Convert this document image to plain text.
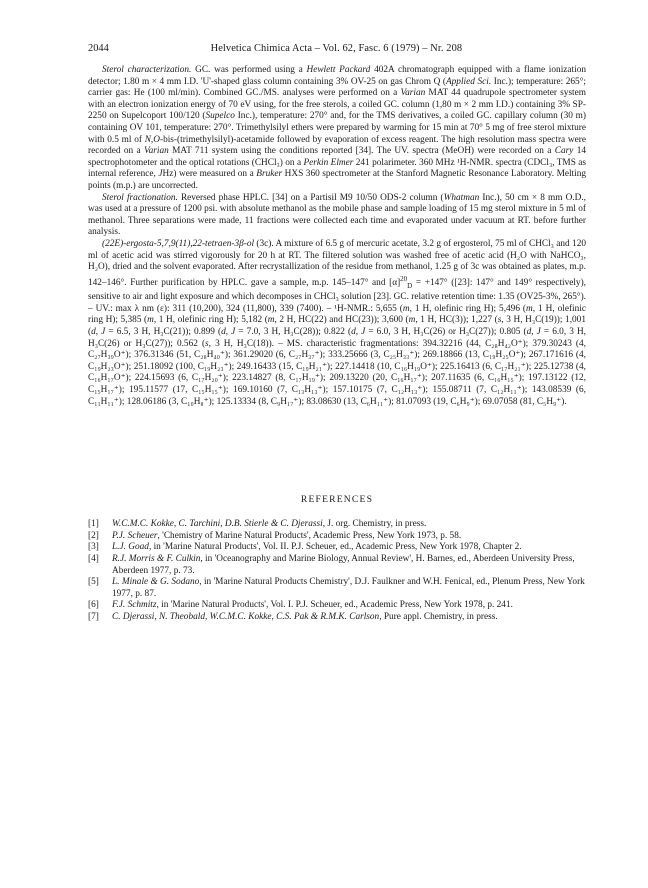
2044	Helvetica Chimica Acta – Vol. 62, Fasc. 6 (1979) – Nr. 208

Sterol characterization. GC. was performed using a Hewlett Packard 402A chromatograph equipped with a flame ionization detector; 1.80 m × 4 mm I.D. 'U'-shaped glass column containing 3% OV-25 on gas Chrom Q (Applied Sci. Inc.); temperature: 265°; carrier gas: He (100 ml/min). Combined GC./MS. analyses were performed on a Varian MAT 44 quadrupole spectrometer system with an electron ionization energy of 70 eV using, for the free sterols, a coiled GC. column (1,80 m × 2 mm I.D.) containing 3% SP-2250 on Supelcoport 100/120 (Supelco Inc.), temperature: 270° and, for the TMS derivatives, a coiled GC. capillary column (30 m) containing OV 101, temperature: 270°. Trimethylsilyl ethers were prepared by warming for 15 min at 70° 5 mg of free sterol mixture with 0.5 ml of N,O-bis-(trimethylsilyl)-acetamide followed by evaporation of excess reagent. The high resolution mass spectra were recorded on a Varian MAT 711 system using the conditions reported [34]. The UV. spectra (MeOH) were recorded on a Cary 14 spectrophotometer and the optical rotations (CHCl₃) on a Perkin Elmer 241 polarimeter. 360 MHz ¹H-NMR. spectra (CDCl₃, TMS as internal reference, JHz) were measured on a Bruker HXS 360 spectrometer at the Stanford Magnetic Resonance Laboratory. Melting points (m.p.) are uncorrected.

Sterol fractionation. Reversed phase HPLC. [34] on a Partisil M9 10/50 ODS-2 column (Whatman Inc.), 50 cm × 8 mm O.D., was used at a pressure of 1200 psi. with absolute methanol as the mobile phase and sample loading of 15 mg sterol mixture in 5 ml of methanol. Three separations were made, 11 fractions were collected each time and evaporated under vacuum at RT. before further analysis.

(22E)-ergosta-5,7,9(11),22-tetraen-3β-ol (3c). A mixture of 6.5 g of mercuric acetate, 3.2 g of ergosterol, 75 ml of CHCl₃ and 120 ml of acetic acid was stirred vigorously for 20 h at RT. The filtered solution was washed free of acetic acid (H₂O with NaHCO₃, H₂O), dried and the solvent evaporated. After recrystallization of the residue from methanol, 1.25 g of 3c was obtained as plates, m.p. 142–146°. Further purification by HPLC. gave a sample, m.p. 145–147° and $[\alpha]^{20}_D = +147^\circ$ ([23]: 147° and 149° respectively), sensitive to air and light exposure and which decomposes in CHCl₃ solution [23]. GC. relative retention time: 1.35 (OV25-3%, 265°). – UV.: max λ nm (ε): 311 (10,200), 324 (11,800), 339 (7400). – ¹H-NMR.: 5,655 (m, 1 H, olefinic ring H); 5,496 (m, 1 H, olefinic ring H); 5,385 (m, 1 H, olefinic ring H); 5,182 (m, 2 H, HC(22) and HC(23)); 3,600 (m, 1 H, HC(3)); 1,227 (s, 3 H, H₃C(19)); 1,001 (d, J = 6.5, 3 H, H₃C(21)); 0.899 (d, J = 7.0, 3 H, H₃C(28)); 0.822 (d, J = 6.0, 3 H, H₃C(26) or H₃C(27)); 0.805 (d, J = 6.0, 3 H, H₃C(26) or H₃C(27)); 0.562 (s, 3 H, H₃C(18)). – MS. characteristic fragmentations: 394.32216 (44, C₂₈H₄₂O⁺); 379.30243 (4, C₂₇H₃₉O⁺); 376.31346 (51, C₂₈H₄₀⁺); 361.29020 (6, C₂₇H₃₇⁺); 333.25666 (3, C₂₅H₃₃⁺); 269.18866 (13, C₁₉H₂₅O⁺); 267.171616 (4, C₁₉H₂₃O⁺); 251.18092 (100, C₁₉H₂₃⁺); 249.16433 (15, C₁₉H₂₁⁺); 227.14418 (10, C₁₆H₁₉O⁺); 225.16413 (6, C₁₇H₂₁⁺); 225.12738 (4, C₁₆H₁₇O⁺); 224.15693 (6, C₁₇H₂₀⁺); 223.14827 (8, C₁₇H₁₉⁺); 209.13220 (20, C₁₆H₁₇⁺); 207.11635 (6, C₁₆H₁₅⁺); 197.13122 (12, C₁₅H₁₇⁺); 195.11577 (17, C₁₅H₁₅⁺); 169.10160 (7, C₁₃H₁₃⁺); 157.10175 (7, C₁₂H₁₃⁺); 155.08711 (7, C₁₂H₁₁⁺); 143.08539 (6, C₁₁H₁₁⁺); 128.06186 (3, C₁₀H₈⁺); 125.13334 (8, C₉H₁₇⁺); 83.08630 (13, C₆H₁₁⁺); 81.07093 (19, C₆H₉⁺); 69.07058 (81, C₅H₉⁺).

REFERENCES
[1]	W.C.M.C. Kokke, C. Tarchini, D.B. Stierle & C. Djerassi, J. org. Chemistry, in press.
[2]	P.J. Scheuer, 'Chemistry of Marine Natural Products', Academic Press, New York 1973, p. 58.
[3]	L.J. Goad, in 'Marine Natural Products', Vol. II. P.J. Scheuer, ed., Academic Press, New York 1978, Chapter 2.
[4]	R.J. Morris & F. Culkin, in 'Oceanography and Marine Biology, Annual Review', H. Barnes, ed., Aberdeen University Press, Aberdeen 1977, p. 73.
[5]	L. Minale & G. Sodano, in 'Marine Natural Products Chemistry', D.J. Faulkner and W.H. Fenical, ed., Plenum Press, New York 1977, p. 87.
[6]	F.J. Schmitz, in 'Marine Natural Products', Vol. I. P.J. Scheuer, ed., Academic Press, New York 1978, p. 241.
[7]	C. Djerassi, N. Theobald, W.C.M.C. Kokke, C.S. Pak & R.M.K. Carlson, Pure appl. Chemistry, in press.
